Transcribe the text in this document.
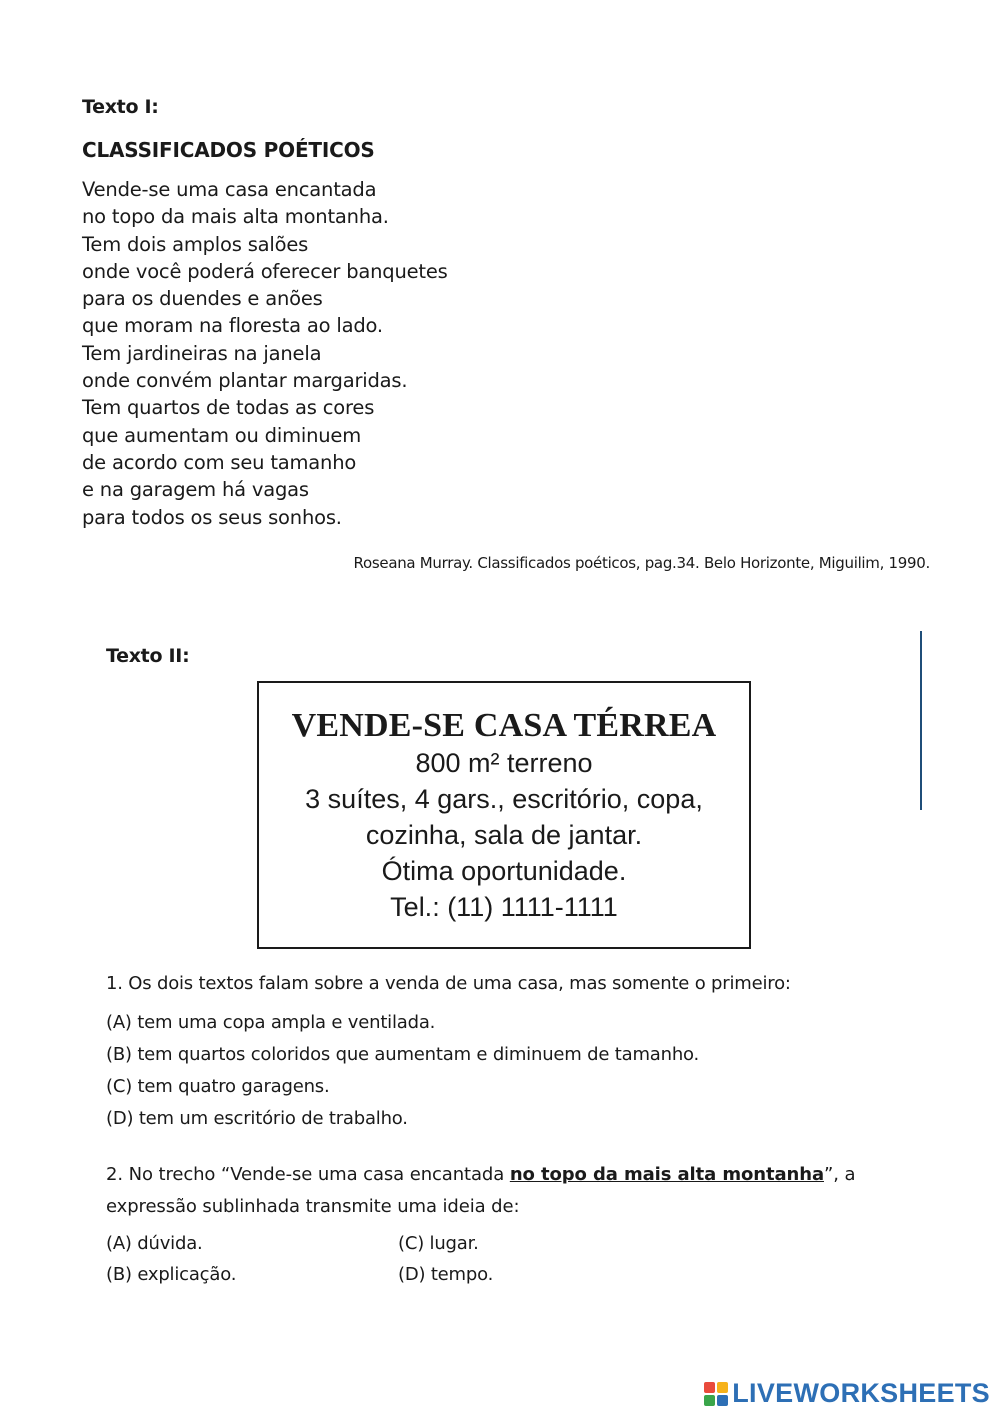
Texto I:
CLASSIFICADOS POÉTICOS
Vende-se uma casa encantada
no topo da mais alta montanha.
Tem dois amplos salões
onde você poderá oferecer banquetes
para os duendes e anões
que moram na floresta ao lado.
Tem jardineiras na janela
onde convém plantar margaridas.
Tem quartos de todas as cores
que aumentam ou diminuem
de acordo com seu tamanho
e na garagem há vagas
para todos os seus sonhos.
Roseana Murray. Classificados poéticos, pag.34. Belo Horizonte, Miguilim, 1990.
Texto II:
VENDE-SE CASA TÉRREA
800 m² terreno
3 suítes, 4 gars., escritório, copa,
cozinha, sala de jantar.
Ótima oportunidade.
Tel.: (11) 1111-1111
1. Os dois textos falam sobre a venda de uma casa, mas somente o primeiro:
(A) tem uma copa ampla e ventilada.
(B) tem quartos coloridos que aumentam e diminuem de tamanho.
(C) tem quatro garagens.
(D) tem um escritório de trabalho.
2. No trecho “Vende-se uma casa encantada no topo da mais alta montanha”, a expressão sublinhada transmite uma ideia de:
(A) dúvida.
(B) explicação.
(C) lugar.
(D) tempo.
LIVEWORKSHEETS
